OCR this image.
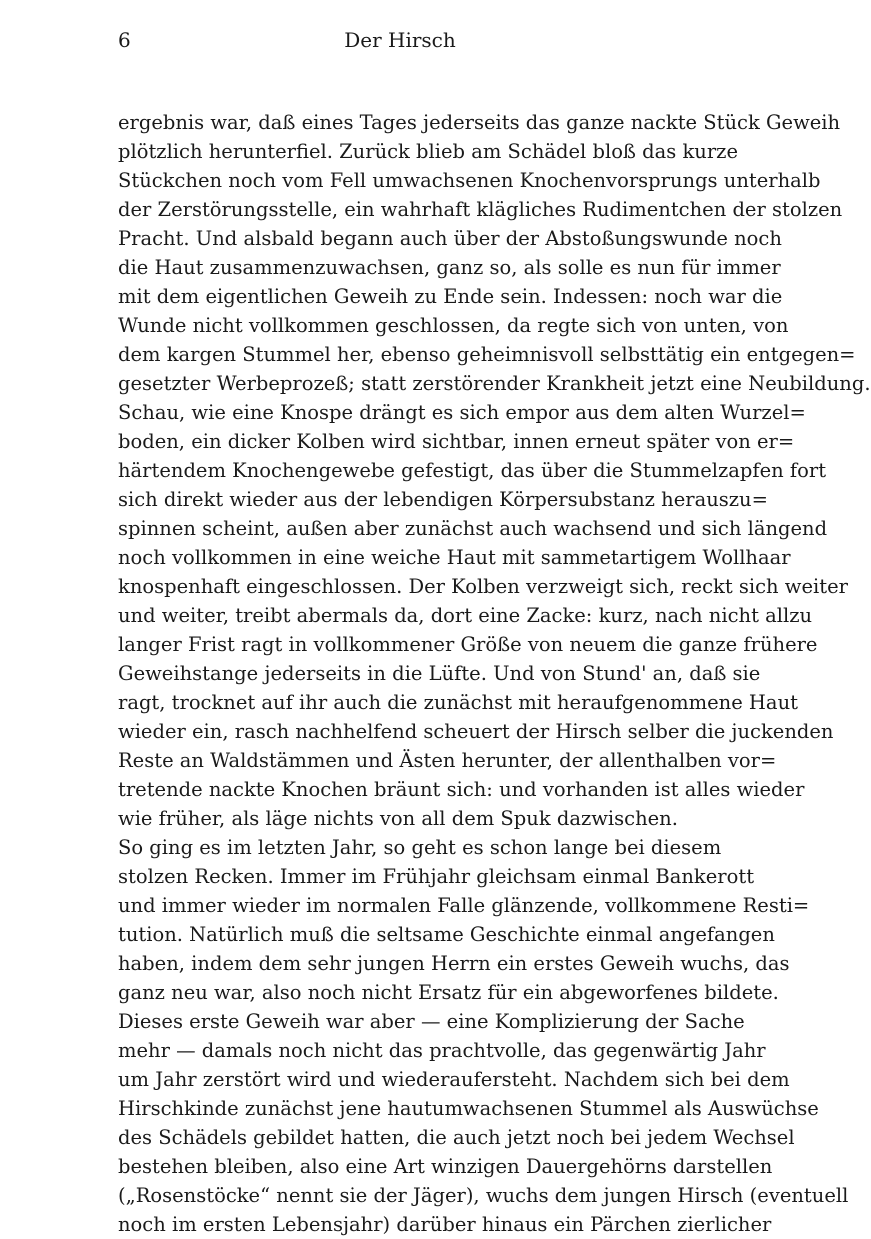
6	Der Hirsch
ergebnis war, daß eines Tages jederseits das ganze nackte Stück Geweih
plötzlich herunterfiel. Zurück blieb am Schädel bloß das kurze
Stückchen noch vom Fell umwachsenen Knochenvorsprungs unterhalb
der Zerstörungsstelle, ein wahrhaft klägliches Rudimentchen der stolzen
Pracht. Und alsbald begann auch über der Abstoßungswunde noch
die Haut zusammenzuwachsen, ganz so, als solle es nun für immer
mit dem eigentlichen Geweih zu Ende sein. Indessen: noch war die
Wunde nicht vollkommen geschlossen, da regte sich von unten, von
dem kargen Stummel her, ebenso geheimnisvoll selbsttätig ein entgegen=
gesetzter Werbeprozeß; statt zerstörender Krankheit jetzt eine Neubildung.
Schau, wie eine Knospe drängt es sich empor aus dem alten Wurzel=
boden, ein dicker Kolben wird sichtbar, innen erneut später von er=
härtendem Knochengewebe gefestigt, das über die Stummelzapfen fort
sich direkt wieder aus der lebendigen Körpersubstanz herauszu=
spinnen scheint, außen aber zunächst auch wachsend und sich längend
noch vollkommen in eine weiche Haut mit sammetartigem Wollhaar
knospenhaft eingeschlossen. Der Kolben verzweigt sich, reckt sich weiter
und weiter, treibt abermals da, dort eine Zacke: kurz, nach nicht allzu
langer Frist ragt in vollkommener Größe von neuem die ganze frühere
Geweihstange jederseits in die Lüfte. Und von Stund' an, daß sie
ragt, trocknet auf ihr auch die zunächst mit heraufgenommene Haut
wieder ein, rasch nachhelfend scheuert der Hirsch selber die juckenden
Reste an Waldstämmen und Ästen herunter, der allenthalben vor=
tretende nackte Knochen bräunt sich: und vorhanden ist alles wieder
wie früher, als läge nichts von all dem Spuk dazwischen.
So ging es im letzten Jahr, so geht es schon lange bei diesem
stolzen Recken. Immer im Frühjahr gleichsam einmal Bankerott
und immer wieder im normalen Falle glänzende, vollkommene Resti=
tution. Natürlich muß die seltsame Geschichte einmal angefangen
haben, indem dem sehr jungen Herrn ein erstes Geweih wuchs, das
ganz neu war, also noch nicht Ersatz für ein abgeworfenes bildete.
Dieses erste Geweih war aber — eine Komplizierung der Sache
mehr — damals noch nicht das prachtvolle, das gegenwärtig Jahr
um Jahr zerstört wird und wiederaufersteht. Nachdem sich bei dem
Hirschkinde zunächst jene hautumwachsenen Stummel als Auswüchse
des Schädels gebildet hatten, die auch jetzt noch bei jedem Wechsel
bestehen bleiben, also eine Art winzigen Dauergehörns darstellen
(„Rosenstöcke“ nennt sie der Jäger), wuchs dem jungen Hirsch (eventuell
noch im ersten Lebensjahr) darüber hinaus ein Pärchen zierlicher
